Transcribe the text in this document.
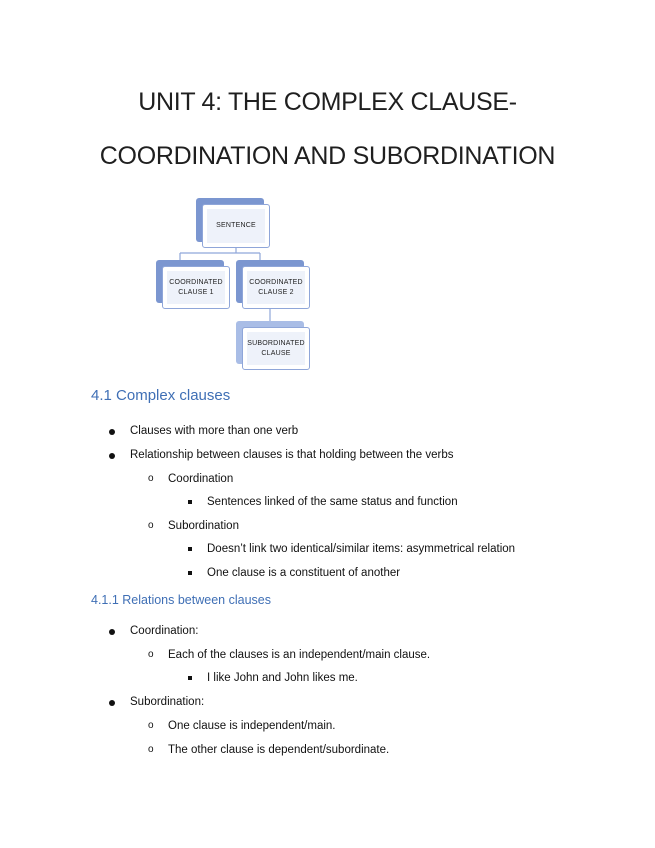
UNIT 4: THE COMPLEX CLAUSE-
COORDINATION AND SUBORDINATION
SENTENCE
COORDINATED CLAUSE 1
COORDINATED CLAUSE 2
SUBORDINATED CLAUSE
4.1 Complex clauses
Clauses with more than one verb
Relationship between clauses is that holding between the verbs
o Coordination
Sentences linked of the same status and function
o Subordination
Doesn’t link two identical/similar items: asymmetrical relation
One clause is a constituent of another
4.1.1 Relations between clauses
Coordination:
o Each of the clauses is an independent/main clause.
I like John and John likes me.
Subordination:
o One clause is independent/main.
o The other clause is dependent/subordinate.
